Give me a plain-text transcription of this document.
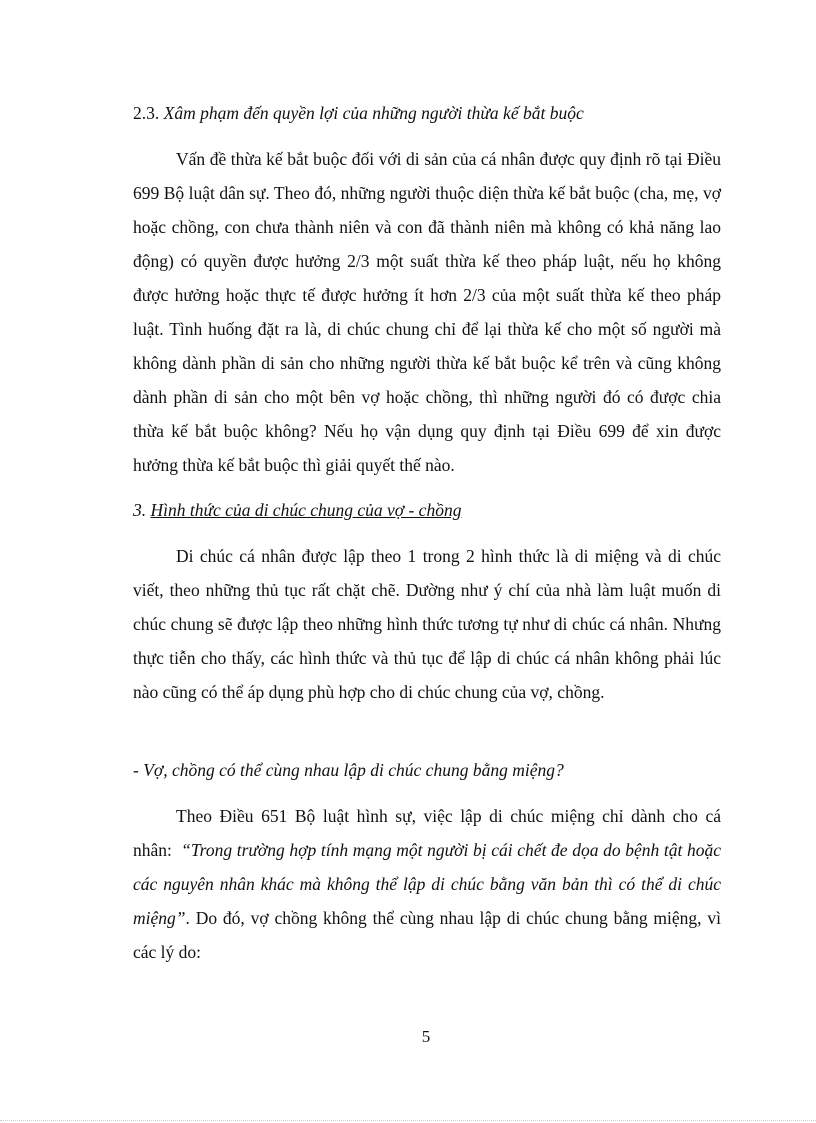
2.3. Xâm phạm đến quyền lợi của những người thừa kế bắt buộc

Vấn đề thừa kế bắt buộc đối với di sản của cá nhân được quy định rõ tại Điều 699 Bộ luật dân sự. Theo đó, những người thuộc diện thừa kế bắt buộc (cha, mẹ, vợ hoặc chồng, con chưa thành niên và con đã thành niên mà không có khả năng lao động) có quyền được hưởng 2/3 một suất thừa kế theo pháp luật, nếu họ không được hưởng hoặc thực tế được hưởng ít hơn 2/3 của một suất thừa kế theo pháp luật. Tình huống đặt ra là, di chúc chung chỉ để lại thừa kế cho một số người mà không dành phần di sản cho những người thừa kế bắt buộc kể trên và cũng không dành phần di sản cho một bên vợ hoặc chồng, thì những người đó có được chia thừa kế bắt buộc không? Nếu họ vận dụng quy định tại Điều 699 để xin được hưởng thừa kế bắt buộc thì giải quyết thế nào.

3. Hình thức của di chúc chung của vợ - chồng

Di chúc cá nhân được lập theo 1 trong 2 hình thức là di miệng và di chúc viết, theo những thủ tục rất chặt chẽ. Dường như ý chí của nhà làm luật muốn di chúc chung sẽ được lập theo những hình thức tương tự như di chúc cá nhân. Nhưng thực tiễn cho thấy, các hình thức và thủ tục để lập di chúc cá nhân không phải lúc nào cũng có thể áp dụng phù hợp cho di chúc chung của vợ, chồng.

- Vợ, chồng có thể cùng nhau lập di chúc chung bằng miệng?

Theo Điều 651 Bộ luật hình sự, việc lập di chúc miệng chỉ dành cho cá nhân: “Trong trường hợp tính mạng một người bị cái chết đe dọa do bệnh tật hoặc các nguyên nhân khác mà không thể lập di chúc bằng văn bản thì có thể di chúc miệng”. Do đó, vợ chồng không thể cùng nhau lập di chúc chung bằng miệng, vì các lý do:

5
